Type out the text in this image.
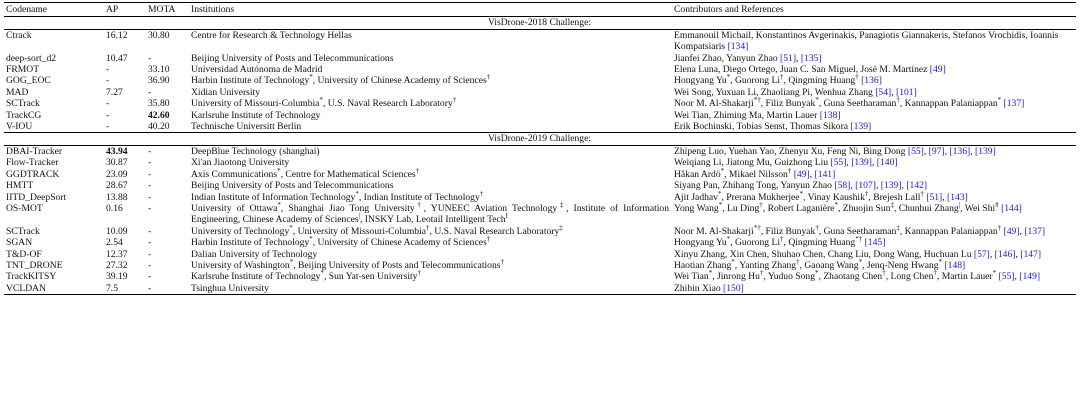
Codename	AP	MOTA	Institutions	Contributors and References
VisDrone-2018 Challenge:				
Ctrack	16.12	30.80	Centre for Research & Technology Hellas	Emmanouil Michail, Konstantinos Avgerinakis, Panagiotis Giannakeris, Stefanos Vrochidis, Ioannis Kompatsiaris [134]
deep-sort_d2	10.47	-	Beijing University of Posts and Telecommunications	Jianfei Zhao, Yanyun Zhao [51], [135]
FRMOT	-	33.10	Universidad Autónoma de Madrid	Elena Luna, Diego Ortego, Juan C. San Miguel, José M. Martínez [49]
GOG_EOC	-	36.90	Harbin Institute of Technology*, University of Chinese Academy of Sciences†	Hongyang Yu*, Guorong Li†, Qingming Huang† [136]
MAD	7.27	-	Xidian University	Wei Song, Yuxuan Li, Zhaoliang Pi, Wenhua Zhang [54], [101]
SCTrack	-	35.80	University of Missouri-Columbia*, U.S. Naval Research Laboratory†	Noor M. Al-Shakarji*†, Filiz Bunyak*, Guna Seetharaman†, Kannappan Palaniappan* [137]
TrackCG	-	42.60	Karlsruhe Institute of Technology	Wei Tian, Zhiming Ma, Martin Lauer [138]
V-IOU	-	40.20	Technische Universitt Berlin	Erik Bochinski, Tobias Senst, Thomas Sikora [139]
VisDrone-2019 Challenge:				
DBAI-Tracker	43.94	-	DeepBlue Technology (shanghai)	Zhipeng Luo, Yuehan Yao, Zhenyu Xu, Feng Ni, Bing Dong [55], [97], [136], [139]
Flow-Tracker	30.87	-	Xi'an Jiaotong University	Weiqiang Li, Jiatong Mu, Guizhong Liu [55], [139], [140]
GGDTRACK	23.09	-	Axis Communications*, Centre for Mathematical Sciences†	Håkan Ardö*, Mikael Nilsson† [49], [141]
HMTT	28.67	-	Beijing University of Posts and Telecommunications	Siyang Pan, Zhihang Tong, Yanyun Zhao [58], [107], [139], [142]
IITD_DeepSort	13.88	-	Indian Institute of Information Technology*, Indian Institute of Technology†	Ajit Jadhav*, Prerana Mukherjee*, Vinay Kaushik†, Brejesh Lall† [51], [143]
OS-MOT	0.16	-	University of Ottawa*, Shanghai Jiao Tong University†, YUNEEC Aviation Technology‡, Institute of Information Engineering, Chinese Academy of Sciences|, INSKY Lab, Leotail Intelligent Tech‖	Yong Wang*, Lu Ding†, Robert Laganière*, Zhuojin Sun‡, Chunhui Zhang|, Wei Shi# [144]
SCTrack	10.09	-	University of Technology*, University of Missouri-Columbia†, U.S. Naval Research Laboratory‡	Noor M. Al-Shakarji*†, Filiz Bunyak†, Guna Seetharaman‡, Kannappan Palaniappan† [49], [137]
SGAN	2.54	-	Harbin Institute of Technology*, University of Chinese Academy of Sciences†	Hongyang Yu*, Guorong Li†, Qingming Huang*† [145]
T&D-OF	12.37	-	Dalian University of Technology	Xinyu Zhang, Xin Chen, Shuhao Chen, Chang Liu, Dong Wang, Huchuan Lu [57], [146], [147]
TNT_DRONE	27.32	-	University of Washington*, Beijing University of Posts and Telecommunications†	Haotian Zhang*, Yanting Zhang†, Gaoang Wang*, Jenq-Neng Hwang* [148]
TrackKITSY	39.19	-	Karlsruhe Institute of Technology*, Sun Yat-sen University†	Wei Tian*, Jinrong Hu†, Yuduo Song*, Zhaotang Chen†, Long Chen†, Martin Lauer* [55], [149]
VCLDAN	7.5	-	Tsinghua University	Zhibin Xiao [150]
